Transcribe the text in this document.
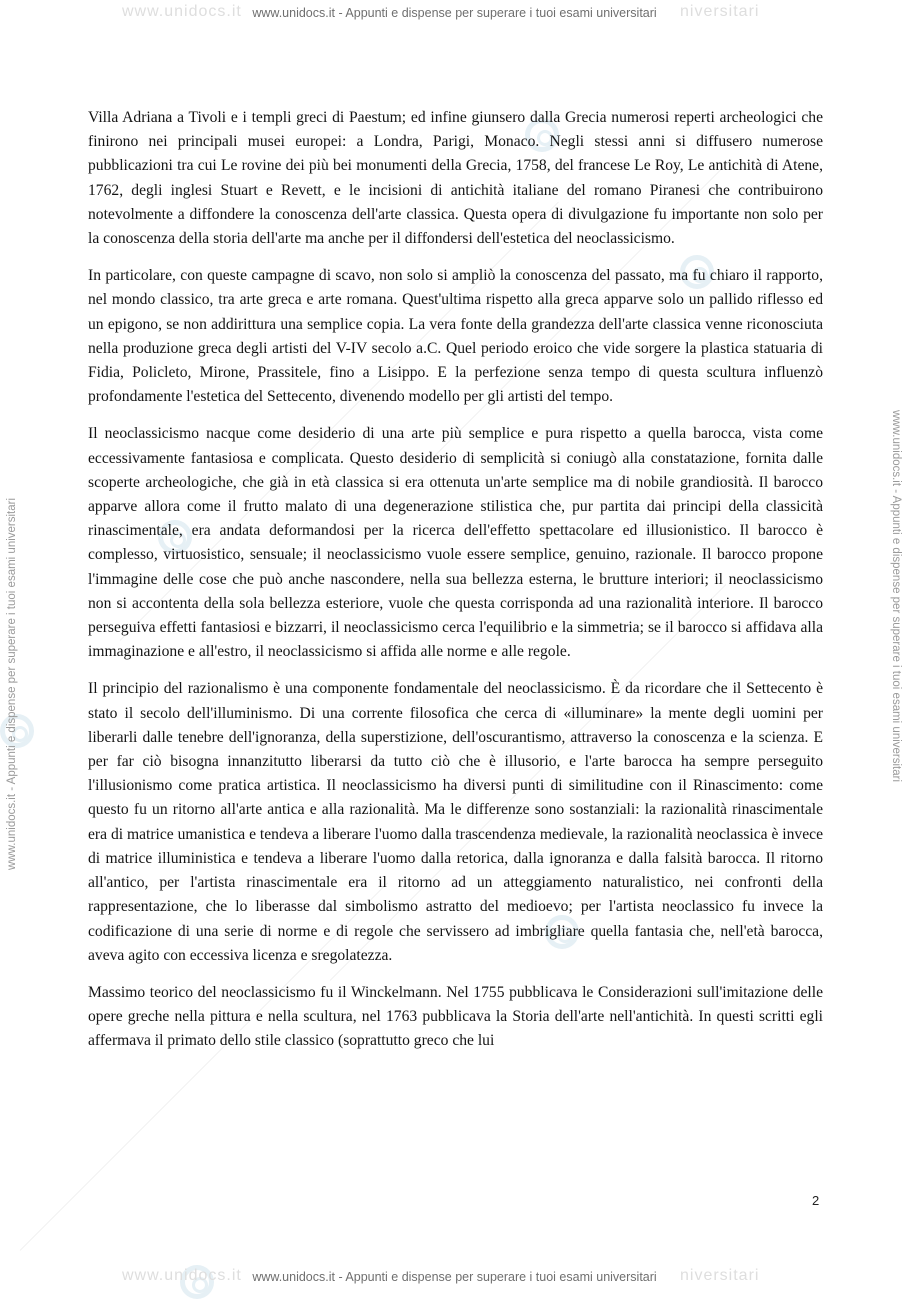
www.unidocs.it www.unidocs.it - Appunti e dispense per superare i tuoi esami universitari niversitari
www.unidocs.it - Appunti e dispense per superare i tuoi esami universitari	www.unidocs.it - Appunti e dispense per superare i tuoi esami universitari

Villa Adriana a Tivoli e i templi greci di Paestum; ed infine giunsero dalla Grecia numerosi reperti archeologici che finirono nei principali musei europei: a Londra, Parigi, Monaco. Negli stessi anni si diffusero numerose pubblicazioni tra cui Le rovine dei più bei monumenti della Grecia, 1758, del francese Le Roy, Le antichità di Atene, 1762, degli inglesi Stuart e Revett, e le incisioni di antichità italiane del romano Piranesi che contribuirono notevolmente a diffondere la conoscenza dell'arte classica. Questa opera di divulgazione fu importante non solo per la conoscenza della storia dell'arte ma anche per il diffondersi dell'estetica del neoclassicismo.

In particolare, con queste campagne di scavo, non solo si ampliò la conoscenza del passato, ma fu chiaro il rapporto, nel mondo classico, tra arte greca e arte romana. Quest'ultima rispetto alla greca apparve solo un pallido riflesso ed un epigono, se non addirittura una semplice copia. La vera fonte della grandezza dell'arte classica venne riconosciuta nella produzione greca degli artisti del V-IV secolo a.C. Quel periodo eroico che vide sorgere la plastica statuaria di Fidia, Policleto, Mirone, Prassitele, fino a Lisippo. E la perfezione senza tempo di questa scultura influenzò profondamente l'estetica del Settecento, divenendo modello per gli artisti del tempo.

Il neoclassicismo nacque come desiderio di una arte più semplice e pura rispetto a quella barocca, vista come eccessivamente fantasiosa e complicata. Questo desiderio di semplicità si coniugò alla constatazione, fornita dalle scoperte archeologiche, che già in età classica si era ottenuta un'arte semplice ma di nobile grandiosità. Il barocco apparve allora come il frutto malato di una degenerazione stilistica che, pur partita dai principi della classicità rinascimentale, era andata deformandosi per la ricerca dell'effetto spettacolare ed illusionistico. Il barocco è complesso, virtuosistico, sensuale; il neoclassicismo vuole essere semplice, genuino, razionale. Il barocco propone l'immagine delle cose che può anche nascondere, nella sua bellezza esterna, le brutture interiori; il neoclassicismo non si accontenta della sola bellezza esteriore, vuole che questa corrisponda ad una razionalità interiore. Il barocco perseguiva effetti fantasiosi e bizzarri, il neoclassicismo cerca l'equilibrio e la simmetria; se il barocco si affidava alla immaginazione e all'estro, il neoclassicismo si affida alle norme e alle regole.

Il principio del razionalismo è una componente fondamentale del neoclassicismo. È da ricordare che il Settecento è stato il secolo dell'illuminismo. Di una corrente filosofica che cerca di «illuminare» la mente degli uomini per liberarli dalle tenebre dell'ignoranza, della superstizione, dell'oscurantismo, attraverso la conoscenza e la scienza. E per far ciò bisogna innanzitutto liberarsi da tutto ciò che è illusorio, e l'arte barocca ha sempre perseguito l'illusionismo come pratica artistica. Il neoclassicismo ha diversi punti di similitudine con il Rinascimento: come questo fu un ritorno all'arte antica e alla razionalità. Ma le differenze sono sostanziali: la razionalità rinascimentale era di matrice umanistica e tendeva a liberare l'uomo dalla trascendenza medievale, la razionalità neoclassica è invece di matrice illuministica e tendeva a liberare l'uomo dalla retorica, dalla ignoranza e dalla falsità barocca. Il ritorno all'antico, per l'artista rinascimentale era il ritorno ad un atteggiamento naturalistico, nei confronti della rappresentazione, che lo liberasse dal simbolismo astratto del medioevo; per l'artista neoclassico fu invece la codificazione di una serie di norme e di regole che servissero ad imbrigliare quella fantasia che, nell'età barocca, aveva agito con eccessiva licenza e sregolatezza.

Massimo teorico del neoclassicismo fu il Winckelmann. Nel 1755 pubblicava le Considerazioni sull'imitazione delle opere greche nella pittura e nella scultura, nel 1763 pubblicava la Storia dell'arte nell'antichità. In questi scritti egli affermava il primato dello stile classico (soprattutto greco che lui

2
www.unidocs.it www.unidocs.it - Appunti e dispense per superare i tuoi esami universitari niversitari
